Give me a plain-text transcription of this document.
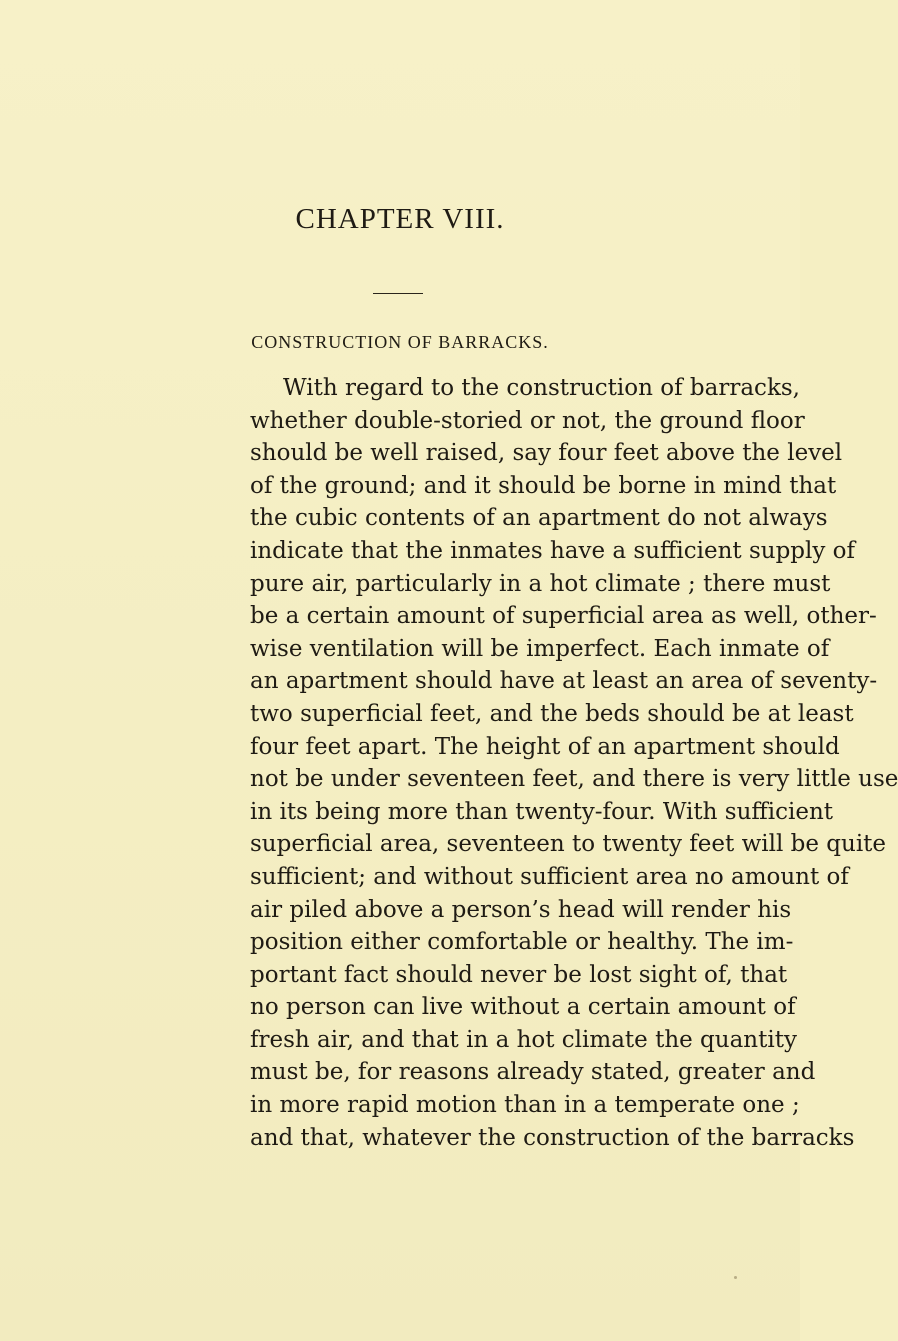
CHAPTER VIII.
CONSTRUCTION OF BARRACKS.
With regard to the construction of barracks,
whether double-storied or not, the ground floor
should be well raised, say four feet above the level
of the ground; and it should be borne in mind that
the cubic contents of an apartment do not always
indicate that the inmates have a sufficient supply of
pure air, particularly in a hot climate ; there must
be a certain amount of superficial area as well, other-
wise ventilation will be imperfect. Each inmate of
an apartment should have at least an area of seventy-
two superficial feet, and the beds should be at least
four feet apart. The height of an apartment should
not be under seventeen feet, and there is very little use
in its being more than twenty-four. With sufficient
superficial area, seventeen to twenty feet will be quite
sufficient; and without sufficient area no amount of
air piled above a person’s head will render his
position either comfortable or healthy. The im-
portant fact should never be lost sight of, that
no person can live without a certain amount of
fresh air, and that in a hot climate the quantity
must be, for reasons already stated, greater and
in more rapid motion than in a temperate one ;
and that, whatever the construction of the barracks
